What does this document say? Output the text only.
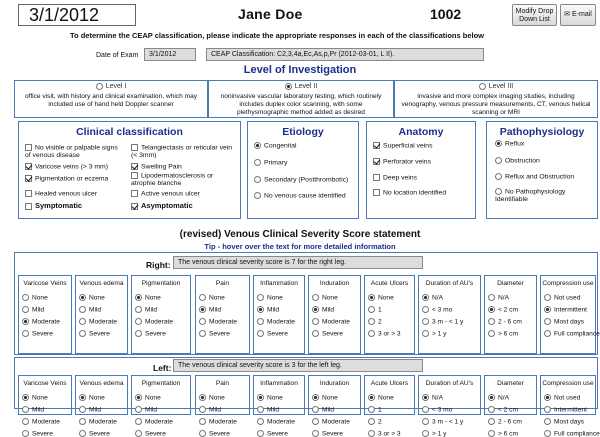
3/1/2012	Jane Doe	1002	Modify Drop Down List
✉ E-mail
To determine the CEAP classification, please indicate the appropriate responses in each of the classifications below
Date of Exam	3/1/2012	CEAP Classification: C2,3,4a,Ec,As,p,Pr (2012-03-01, L II).
Level of Investigation
Level I
office visit, with history and clinical examination, which may included use of hand held Doppler scanner
Level II
noninvasive vascular laboratory testing, which routinely includes duplex color scanning, with some plethysmographic method added as desired
Level III
invasive and more complex imaging studies, including venography, venous pressure measurements, CT, venous helical scanning or MRI
Clinical classification
No visible or palpable signs of venous disease
Varicose veins (> 3 mm)
Pigmentation or eczema
Healed venous ulcer
Symptomatic
Telangiectasis or reticular vein (< 3mm)
Swelling Pain
Lipodermatosclerosis or atrophie blanche
Active venous ulcer
Asymptomatic
Etiology
Congenital
Primary
Secondary (Postthrombotic)
No venous cause identified
Anatomy
Superficial veins
Perforator veins
Deep veins
No location identified
Pathophysiology
Reflux
Obstruction
Reflux and Obstruction
No Pathophysiology Identifiable
(revised) Venous Clinical Severity Score statement
Tip - hover over the text for more detailed information
Right:	The venous clinical severity score is 7 for the right leg.
Varicose Veins
None
Mild
Moderate
Severe
Venous edema
None
Mild
Moderate
Severe
Pigmentation
None
Mild
Moderate
Severe
Pain
None
Mild
Moderate
Severe
Inflammation
None
Mild
Moderate
Severe
Induration
None
Mild
Moderate
Severe
Acute Ulcers
None
1
2
3 or > 3
Duration of AU's
N/A
< 3 mo
3 m - < 1 y
> 1 y
Diameter
N/A
< 2 cm
2 - 6 cm
> 6 cm
Compression use
Not used
Intermittent
Most days
Full compliance
Left: The venous clinical severity score is 3 for the left leg.
Varicose Veins
None
Mild
Moderate
Severe
Venous edema
None
Mild
Moderate
Severe
Pigmentation
None
Mild
Moderate
Severe
Pain
None
Mild
Moderate
Severe
Inflammation
None
Mild
Moderate
Severe
Induration
None
Mild
Moderate
Severe
Acute Ulcers
None
1
2
3 or > 3
Duration of AU's
N/A
< 3 mo
3 m - < 1 y
> 1 y
Diameter
N/A
< 2 cm
2 - 6 cm
> 6 cm
Compression use
Not used
Intermittent
Most days
Full compliance
